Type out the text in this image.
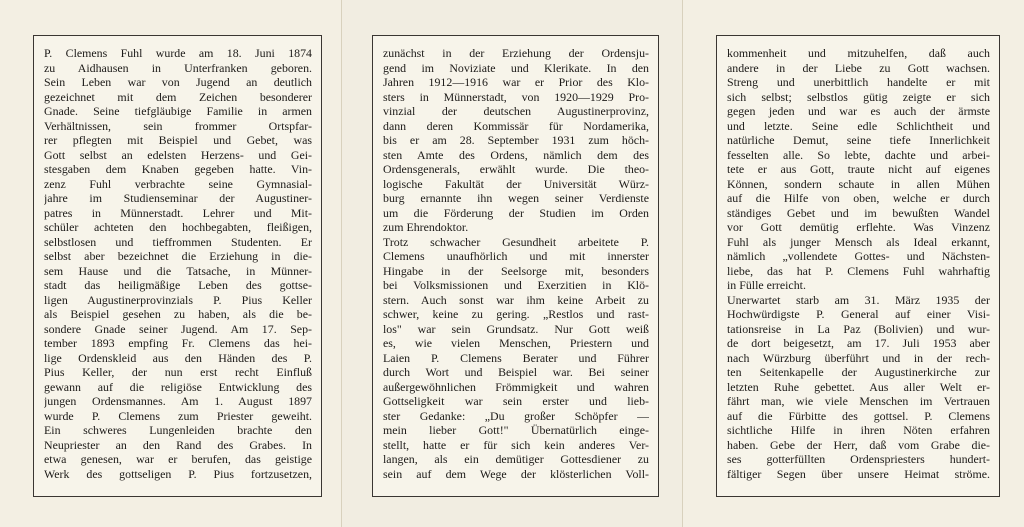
P. Clemens Fuhl wurde am 18. Juni 1874
zu Aidhausen in Unterfranken geboren.
Sein Leben war von Jugend an deutlich
gezeichnet mit dem Zeichen besonderer
Gnade. Seine tiefgläubige Familie in armen
Verhältnissen, sein frommer Ortspfar-
rer pflegten mit Beispiel und Gebet, was
Gott selbst an edelsten Herzens- und Gei-
stesgaben dem Knaben gegeben hatte. Vin-
zenz Fuhl verbrachte seine Gymnasial-
jahre im Studienseminar der Augustiner-
patres in Münnerstadt. Lehrer und Mit-
schüler achteten den hochbegabten, fleißigen,
selbstlosen und tieffrommen Studenten. Er
selbst aber bezeichnet die Erziehung in die-
sem Hause und die Tatsache, in Münner-
stadt das heiligmäßige Leben des gottse-
ligen Augustinerprovinzials P. Pius Keller
als Beispiel gesehen zu haben, als die be-
sondere Gnade seiner Jugend. Am 17. Sep-
tember 1893 empfing Fr. Clemens das hei-
lige Ordenskleid aus den Händen des P.
Pius Keller, der nun erst recht Einfluß
gewann auf die religiöse Entwicklung des
jungen Ordensmannes. Am 1. August 1897
wurde P. Clemens zum Priester geweiht.
Ein schweres Lungenleiden brachte den
Neupriester an den Rand des Grabes. In
etwa genesen, war er berufen, das geistige
Werk des gottseligen P. Pius fortzusetzen,
zunächst in der Erziehung der Ordensju-
gend im Noviziate und Klerikate. In den
Jahren 1912—1916 war er Prior des Klo-
sters in Münnerstadt, von 1920—1929 Pro-
vinzial der deutschen Augustinerprovinz,
dann deren Kommissär für Nordamerika,
bis er am 28. September 1931 zum höch-
sten Amte des Ordens, nämlich dem des
Ordensgenerals, erwählt wurde. Die theo-
logische Fakultät der Universität Würz-
burg ernannte ihn wegen seiner Verdienste
um die Förderung der Studien im Orden
zum Ehrendoktor.
Trotz schwacher Gesundheit arbeitete P.
Clemens unaufhörlich und mit innerster
Hingabe in der Seelsorge mit, besonders
bei Volksmissionen und Exerzitien in Klö-
stern. Auch sonst war ihm keine Arbeit zu
schwer, keine zu gering. „Restlos und rast-
los" war sein Grundsatz. Nur Gott weiß
es, wie vielen Menschen, Priestern und
Laien P. Clemens Berater und Führer
durch Wort und Beispiel war. Bei seiner
außergewöhnlichen Frömmigkeit und wahren
Gottseligkeit war sein erster und lieb-
ster Gedanke: „Du großer Schöpfer —
mein lieber Gott!" Übernatürlich einge-
stellt, hatte er für sich kein anderes Ver-
langen, als ein demütiger Gottesdiener zu
sein auf dem Wege der klösterlichen Voll-
kommenheit und mitzuhelfen, daß auch
andere in der Liebe zu Gott wachsen.
Streng und unerbittlich handelte er mit
sich selbst; selbstlos gütig zeigte er sich
gegen jeden und war es auch der ärmste
und letzte. Seine edle Schlichtheit und
natürliche Demut, seine tiefe Innerlichkeit
fesselten alle. So lebte, dachte und arbei-
tete er aus Gott, traute nicht auf eigenes
Können, sondern schaute in allen Mühen
auf die Hilfe von oben, welche er durch
ständiges Gebet und im bewußten Wandel
vor Gott demütig erflehte. Was Vinzenz
Fuhl als junger Mensch als Ideal erkannt,
nämlich „vollendete Gottes- und Nächsten-
liebe, das hat P. Clemens Fuhl wahrhaftig
in Fülle erreicht.
Unerwartet starb am 31. März 1935 der
Hochwürdigste P. General auf einer Visi-
tationsreise in La Paz (Bolivien) und wur-
de dort beigesetzt, am 17. Juli 1953 aber
nach Würzburg überführt und in der rech-
ten Seitenkapelle der Augustinerkirche zur
letzten Ruhe gebettet. Aus aller Welt er-
fährt man, wie viele Menschen im Vertrauen
auf die Fürbitte des gottsel. P. Clemens
sichtliche Hilfe in ihren Nöten erfahren
haben. Gebe der Herr, daß vom Grabe die-
ses gotterfüllten Ordenspriesters hundert-
fältiger Segen über unsere Heimat ströme.
